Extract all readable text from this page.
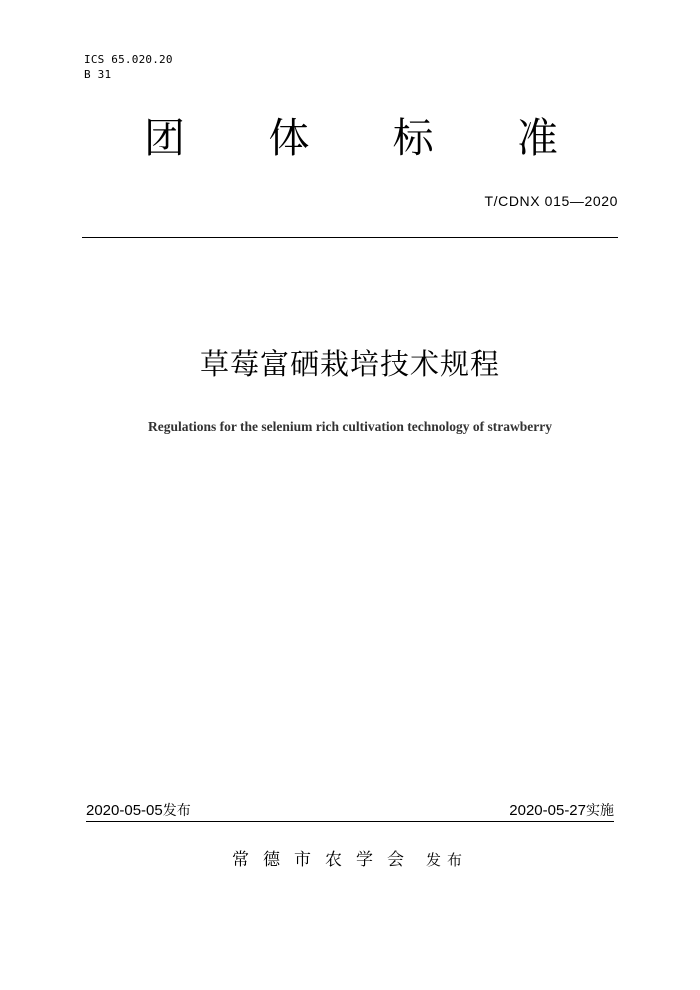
ICS 65.020.20
B 31
团 体 标 准
T/CDNX 015—2020
草莓富硒栽培技术规程
Regulations for the selenium rich cultivation technology of strawberry
2020-05-05发布	2020-05-27实施
常德市农学会 发布
